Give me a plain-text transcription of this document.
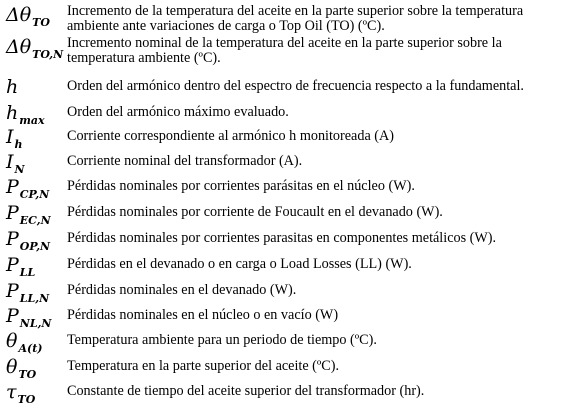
$\Delta\theta_{TO}$
Incremento de la temperatura del aceite en la parte superior sobre la temperatura ambiente ante variaciones de carga o Top Oil (TO) (ºC).
$\Delta\theta_{TO,N}$
Incremento nominal de la temperatura del aceite en la parte superior sobre la temperatura ambiente (ºC).
h	Orden del armónico dentro del espectro de frecuencia respecto a la fundamental.
$h_{max}$
Orden del armónico máximo evaluado.
$I_h$
Corriente correspondiente al armónico h monitoreada (A)
$I_N$
Corriente nominal del transformador (A).
$P_{CP,N}$
Pérdidas nominales por corrientes parásitas en el núcleo (W).
$P_{EC,N}$
Pérdidas nominales por corriente de Foucault en el devanado (W).
$P_{OP,N}$
Pérdidas nominales por corrientes parasitas en componentes metálicos (W).
$P_{LL}$
Pérdidas en el devanado o en carga o Load Losses (LL) (W).
$P_{LL,N}$
Pérdidas nominales en el devanado (W).
$P_{NL,N}$
Pérdidas nominales en el núcleo o en vacío (W)
$\theta_{A(t)}$
Temperatura ambiente para un periodo de tiempo (ºC).
$\theta_{TO}$
Temperatura en la parte superior del aceite (ºC).
$\tau_{TO}$
Constante de tiempo del aceite superior del transformador (hr).
